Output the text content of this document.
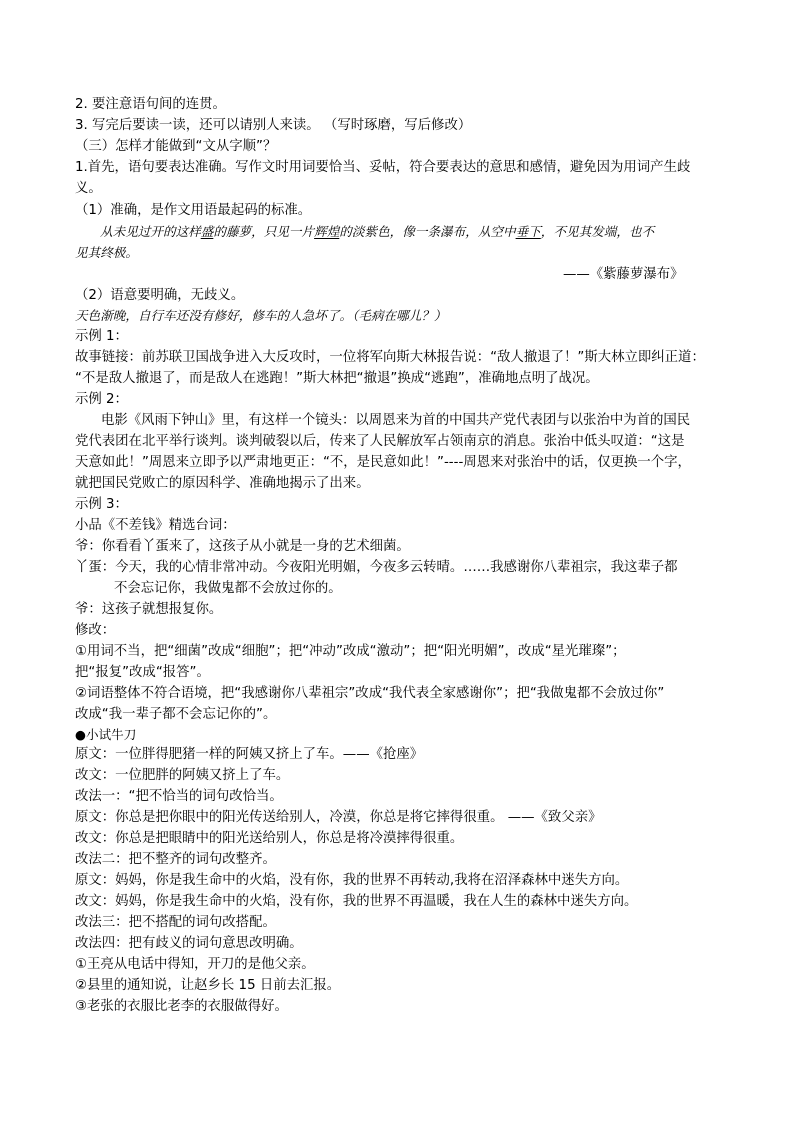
2. 要注意语句间的连贯。
3. 写完后要读一读，还可以请别人来读。 （写时琢磨，写后修改）
（三）怎样才能做到“文从字顺”？
1.首先，语句要表达准确。写作文时用词要恰当、妥帖，符合要表达的意思和感情，避免因为用词产生歧
义。
（1）准确，是作文用语最起码的标准。
从未见过开的这样盛的藤萝，只见一片辉煌的淡紫色，像一条瀑布，从空中垂下，不见其发端，也不
见其终极。
——《紫藤萝瀑布》
（2）语意要明确，无歧义。
天色渐晚，自行车还没有修好，修车的人急坏了。（毛病在哪儿？）
示例 1：
故事链接：前苏联卫国战争进入大反攻时，一位将军向斯大林报告说：“敌人撤退了！”斯大林立即纠正道：
“不是敌人撤退了，而是敌人在逃跑！”斯大林把“撤退”换成“逃跑”，准确地点明了战况。
示例 2：
电影《风雨下钟山》里，有这样一个镜头：以周恩来为首的中国共产党代表团与以张治中为首的国民
党代表团在北平举行谈判。谈判破裂以后，传来了人民解放军占领南京的消息。张治中低头叹道：“这是
天意如此！”周恩来立即予以严肃地更正：“不，是民意如此！”----周恩来对张治中的话，仅更换一个字，
就把国民党败亡的原因科学、准确地揭示了出来。
示例 3：
小品《不差钱》精选台词：
爷：你看看丫蛋来了，这孩子从小就是一身的艺术细菌。
丫蛋：今天，我的心情非常冲动。今夜阳光明媚，今夜多云转晴。……我感谢你八辈祖宗，我这辈子都
不会忘记你，我做鬼都不会放过你的。
爷：这孩子就想报复你。
修改：
①用词不当，把“细菌”改成“细胞”；把“冲动”改成“激动”；把“阳光明媚”，改成“星光璀璨”；
把“报复”改成“报答”。
②词语整体不符合语境，把“我感谢你八辈祖宗”改成“我代表全家感谢你”；把“我做鬼都不会放过你”
改成“我一辈子都不会忘记你的”。
●小试牛刀
原文：一位胖得肥猪一样的阿姨又挤上了车。——《抢座》
改文：一位肥胖的阿姨又挤上了车。
改法一：“把不恰当的词句改恰当。
原文：你总是把你眼中的阳光传送给别人，冷漠，你总是将它摔得很重。 ——《致父亲》
改文：你总是把眼睛中的阳光送给别人，你总是将冷漠摔得很重。
改法二：把不整齐的词句改整齐。
原文：妈妈，你是我生命中的火焰，没有你，我的世界不再转动,我将在沼泽森林中迷失方向。
改文：妈妈，你是我生命中的火焰，没有你，我的世界不再温暖，我在人生的森林中迷失方向。
改法三：把不搭配的词句改搭配。
改法四：把有歧义的词句意思改明确。
①王亮从电话中得知，开刀的是他父亲。
②县里的通知说，让赵乡长 15 日前去汇报。
③老张的衣服比老李的衣服做得好。
